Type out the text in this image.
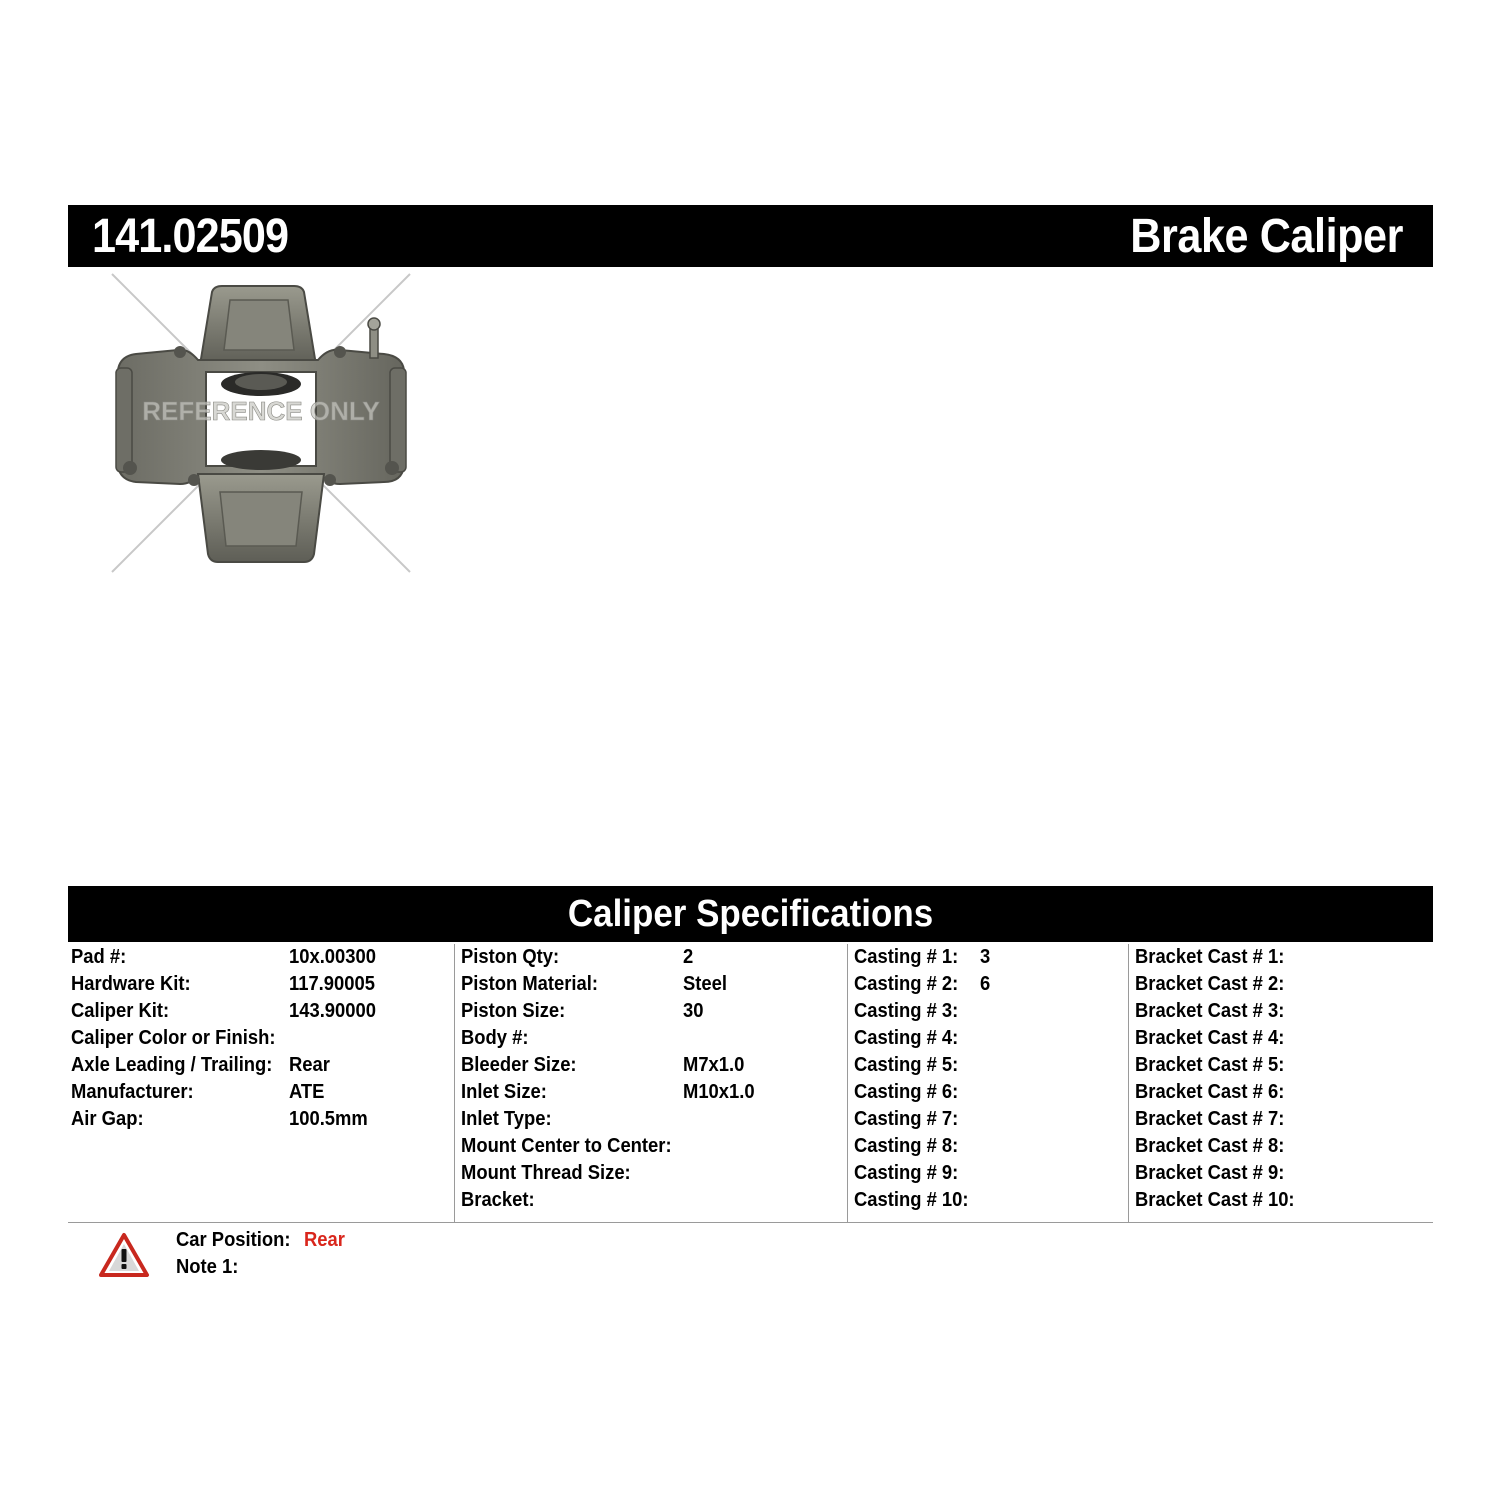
141.02509	Brake Caliper
REFERENCE ONLY
Caliper Specifications
Pad #:	10x.00300
Hardware Kit:	117.90005
Caliper Kit:	143.90000
Caliper Color or Finish:
Axle Leading / Trailing: Rear
Manufacturer:	ATE
Air Gap:	100.5mm
Piston Qty:	2
Piston Material:	Steel
Piston Size:	30
Body #:
Bleeder Size:	M7x1.0
Inlet Size:	M10x1.0
Inlet Type:
Mount Center to Center:
Mount Thread Size:
Bracket:
Casting # 1: 3
Casting # 2: 6
Casting # 3:
Casting # 4:
Casting # 5:
Casting # 6:
Casting # 7:
Casting # 8:
Casting # 9:
Casting # 10:
Bracket Cast # 1:
Bracket Cast # 2:
Bracket Cast # 3:
Bracket Cast # 4:
Bracket Cast # 5:
Bracket Cast # 6:
Bracket Cast # 7:
Bracket Cast # 8:
Bracket Cast # 9:
Bracket Cast # 10:
Car Position: Rear
Note 1:
